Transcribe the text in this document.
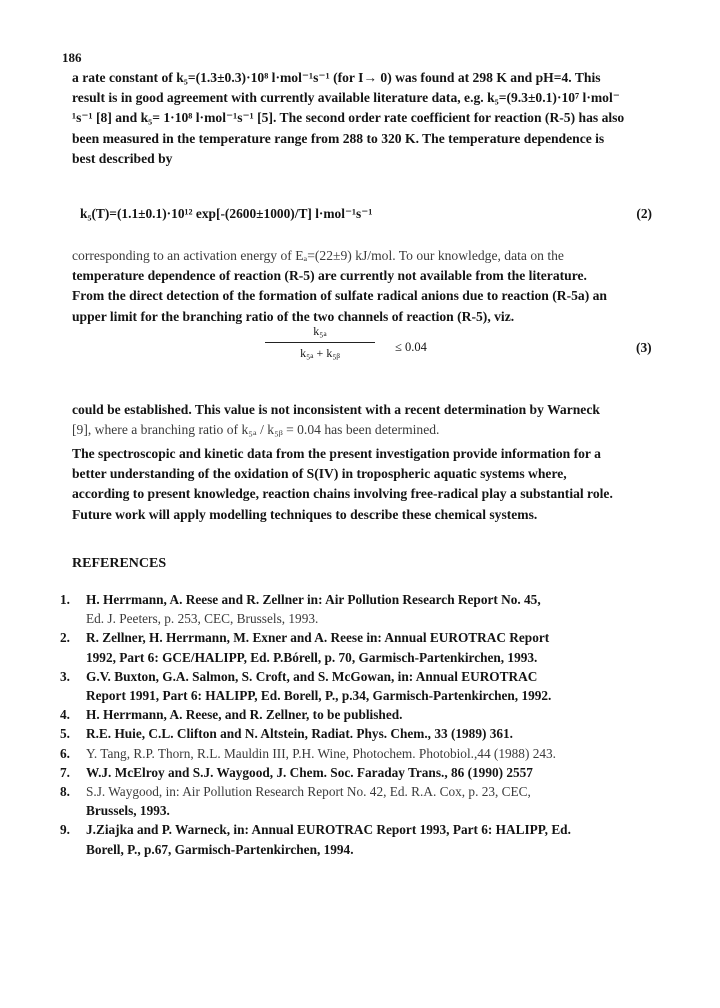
186
a rate constant of k₅=(1.3±0.3)·10⁸ l·mol⁻¹s⁻¹ (for I→ 0) was found at 298 K and pH=4. This
result is in good agreement with currently available literature data, e.g. k₅=(9.3±0.1)·10⁷ l·mol⁻
¹s⁻¹ [8] and k₅= 1·10⁸ l·mol⁻¹s⁻¹ [5]. The second order rate coefficient for reaction (R-5) has also
been measured in the temperature range from 288 to 320 K. The temperature dependence is
best described by
k₅(T)=(1.1±0.1)·10¹² exp[-(2600±1000)/T] l·mol⁻¹s⁻¹	(2)
corresponding to an activation energy of Eₐ=(22±9) kJ/mol. To our knowledge, data on the
temperature dependence of reaction (R-5) are currently not available from the literature.
From the direct detection of the formation of sulfate radical anions due to reaction (R-5a) an
upper limit for the branching ratio of the two channels of reaction (R-5), viz.
k₅ₐ
k₅ₐ + k₅ᵦ	≤ 0.04	(3)
could be established. This value is not inconsistent with a recent determination by Warneck
[9], where a branching ratio of k₅ₐ / k₅ᵦ = 0.04 has been determined.
The spectroscopic and kinetic data from the present investigation provide information for a
better understanding of the oxidation of S(IV) in tropospheric aquatic systems where,
according to present knowledge, reaction chains involving free-radical play a substantial role.
Future work will apply modelling techniques to describe these chemical systems.
REFERENCES
1. H. Herrmann, A. Reese and R. Zellner in: Air Pollution Research Report No. 45,
Ed. J. Peeters, p. 253, CEC, Brussels, 1993.
2. R. Zellner, H. Herrmann, M. Exner and A. Reese in: Annual EUROTRAC Report
1992, Part 6: GCE/HALIPP, Ed. P.Bórell, p. 70, Garmisch-Partenkirchen, 1993.
3. G.V. Buxton, G.A. Salmon, S. Croft, and S. McGowan, in: Annual EUROTRAC
Report 1991, Part 6: HALIPP, Ed. Borell, P., p.34, Garmisch-Partenkirchen, 1992.
4. H. Herrmann, A. Reese, and R. Zellner, to be published.
5. R.E. Huie, C.L. Clifton and N. Altstein, Radiat. Phys. Chem., 33 (1989) 361.
6. Y. Tang, R.P. Thorn, R.L. Mauldin III, P.H. Wine, Photochem. Photobiol.,44 (1988) 243.
7. W.J. McElroy and S.J. Waygood, J. Chem. Soc. Faraday Trans., 86 (1990) 2557
8. S.J. Waygood, in: Air Pollution Research Report No. 42, Ed. R.A. Cox, p. 23, CEC,
Brussels, 1993.
9. J.Ziajka and P. Warneck, in: Annual EUROTRAC Report 1993, Part 6: HALIPP, Ed.
Borell, P., p.67, Garmisch-Partenkirchen, 1994.
